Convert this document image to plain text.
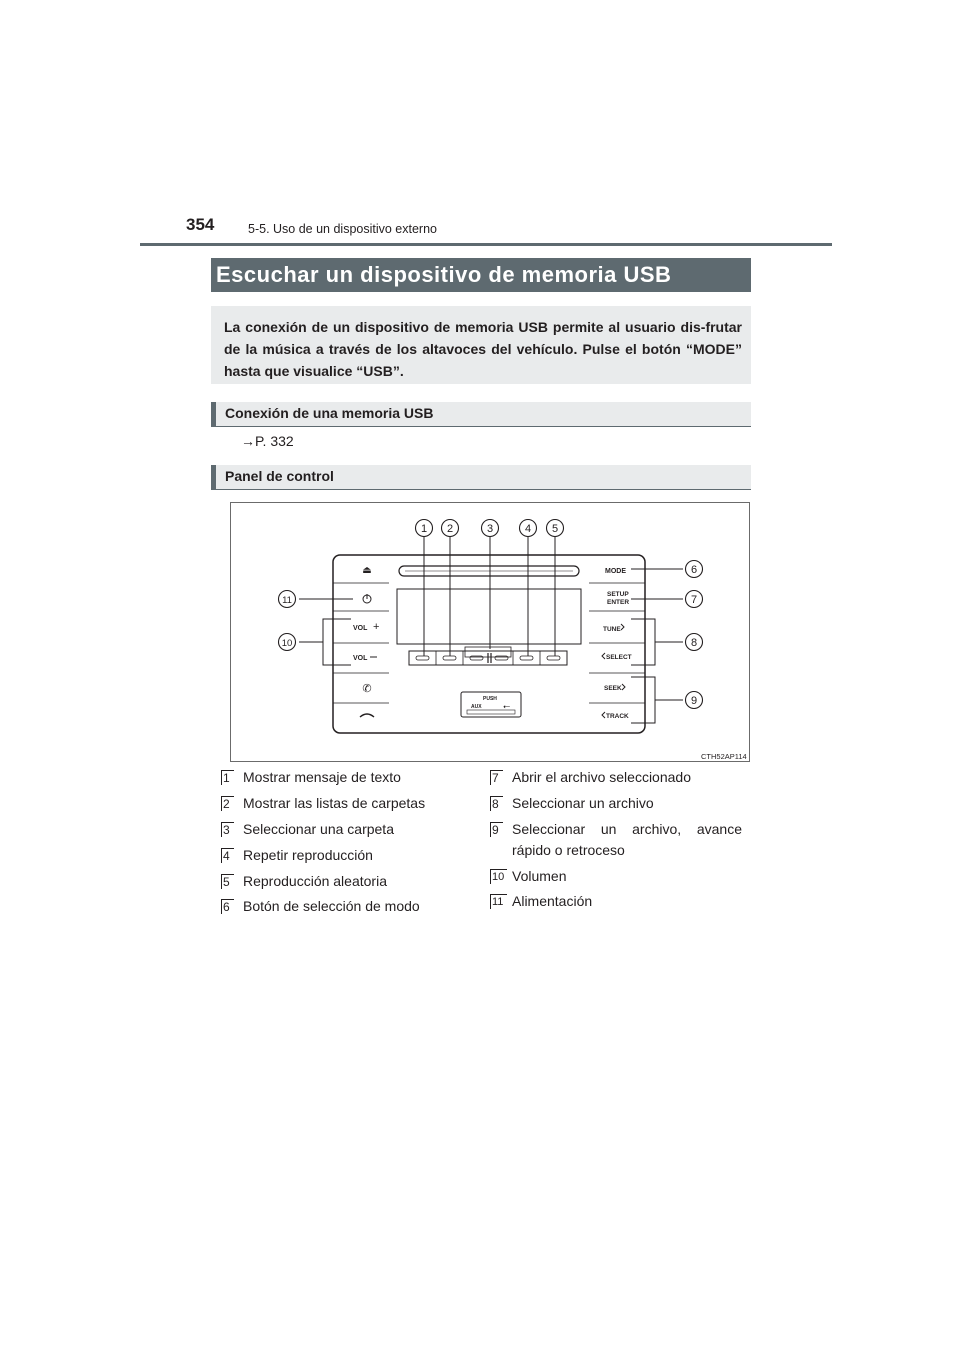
354	5-5. Uso de un dispositivo externo
Escuchar un dispositivo de memoria USB
La conexión de un dispositivo de memoria USB permite al usuario dis-frutar de la música a través de los altavoces del vehículo. Pulse el botón “MODE” hasta que visualice “USB”.
Conexión de una memoria USB
→P. 332
Panel de control
⏏
VOL +
VOL
✆
MODE
SETUP
ENTER
TUNE
SELECT
SEEK
TRACK
PUSH
AUX ⭠
1 2	3	4 5
6
7
8
9
10
11
CTH52AP114
1 Mostrar mensaje de texto
2 Mostrar las listas de carpetas
3 Seleccionar una carpeta
4 Repetir reproducción
5 Reproducción aleatoria
6 Botón de selección de modo
7 Abrir el archivo seleccionado
8 Seleccionar un archivo
9 Seleccionar un archivo, avance rápido o retroceso
10 Volumen
11 Alimentación
